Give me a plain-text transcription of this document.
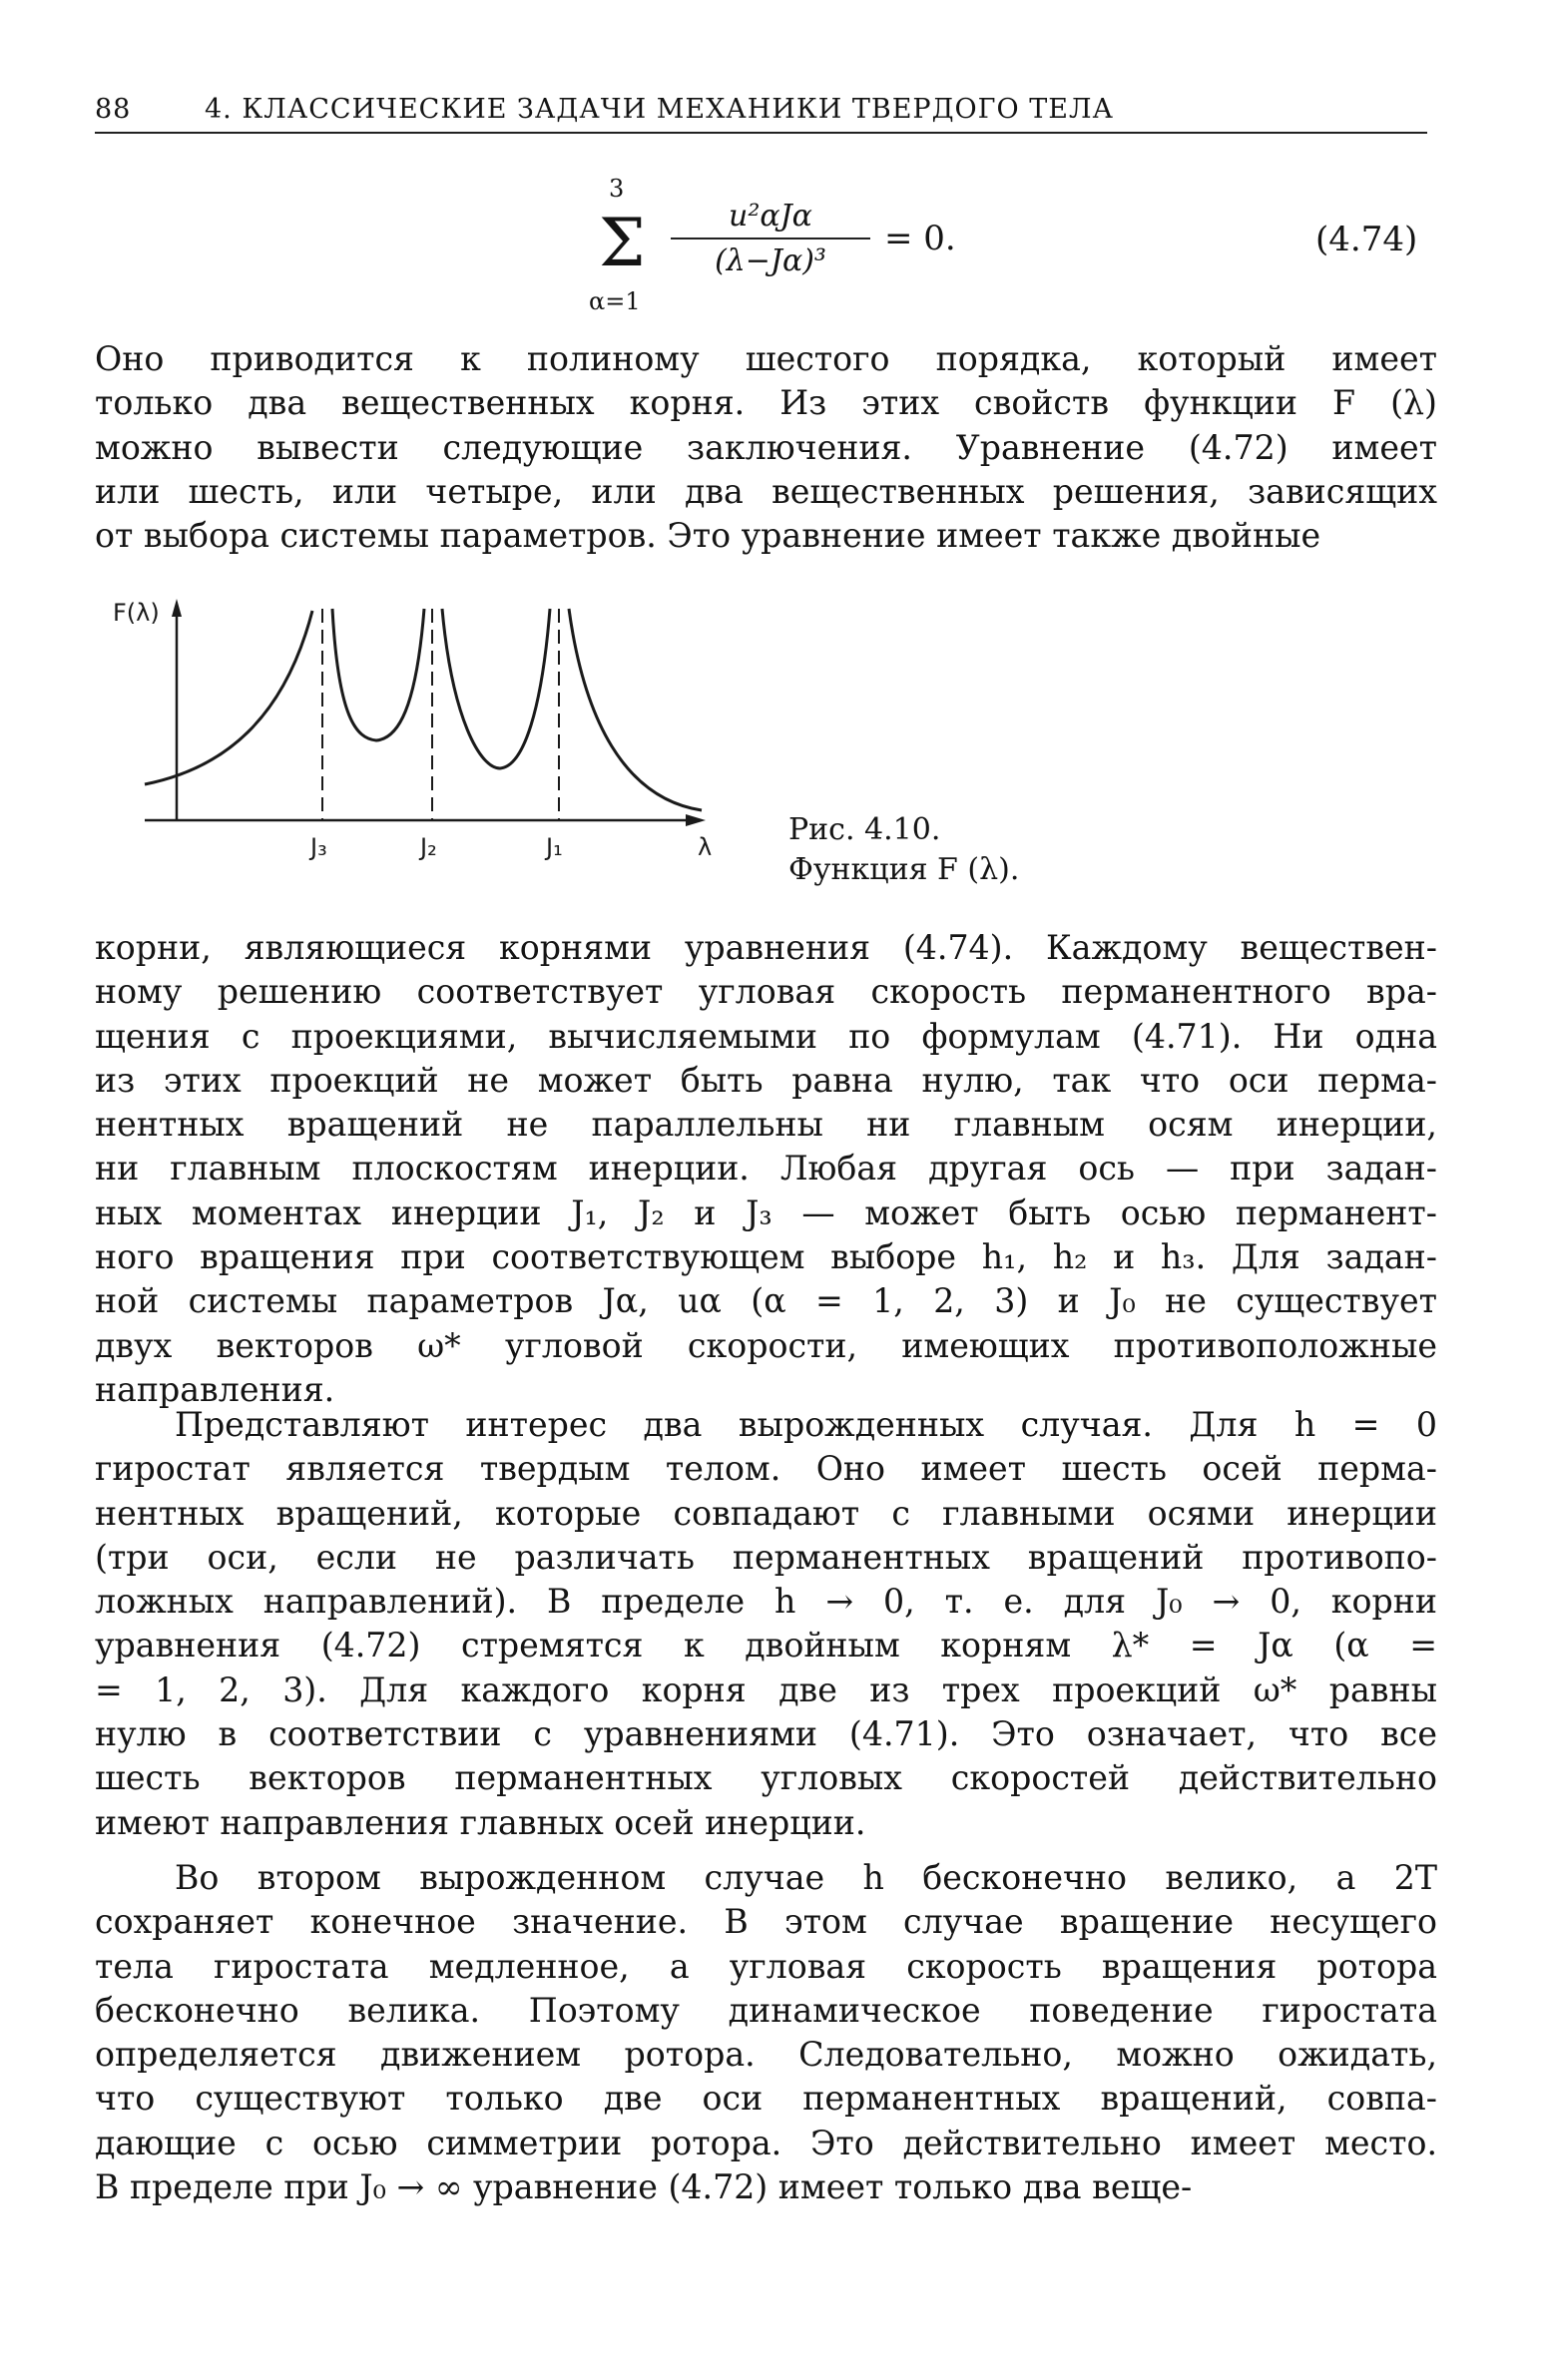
88	4. КЛАССИЧЕСКИЕ ЗАДАЧИ МЕХАНИКИ ТВЕРДОГО ТЕЛА
3
Σ
α=1
u²αJα
(λ−Jα)³
= 0.	(4.74)
Оно приводится к полиному шестого порядка, который имеет
только два вещественных корня. Из этих свойств функции F (λ)
можно вывести следующие заключения. Уравнение (4.72) имеет
или шесть, или четыре, или два вещественных решения, зависящих
от выбора системы параметров. Это уравнение имеет также двойные
F(λ)
λ
J₃	J₂	J₁	Рис. 4.10.
Функция F (λ).
корни, являющиеся корнями уравнения (4.74). Каждому веществен-
ному решению соответствует угловая скорость перманентного вра-
щения с проекциями, вычисляемыми по формулам (4.71). Ни одна
из этих проекций не может быть равна нулю, так что оси перма-
нентных вращений не параллельны ни главным осям инерции,
ни главным плоскостям инерции. Любая другая ось — при задан-
ных моментах инерции J₁, J₂ и J₃ — может быть осью перманент-
ного вращения при соответствующем выборе h₁, h₂ и h₃. Для задан-
ной системы параметров Jα, uα (α = 1, 2, 3) и J₀ не существует
двух векторов ω* угловой скорости, имеющих противоположные
направления.
Представляют интерес два вырожденных случая. Для h = 0
гиростат является твердым телом. Оно имеет шесть осей перма-
нентных вращений, которые совпадают с главными осями инерции
(три оси, если не различать перманентных вращений противопо-
ложных направлений). В пределе h → 0, т. е. для J₀ → 0, корни
уравнения (4.72) стремятся к двойным корням λ* = Jα (α =
= 1, 2, 3). Для каждого корня две из трех проекций ω* равны
нулю в соответствии с уравнениями (4.71). Это означает, что все
шесть векторов перманентных угловых скоростей действительно
имеют направления главных осей инерции.
Во втором вырожденном случае h бесконечно велико, а 2T
сохраняет конечное значение. В этом случае вращение несущего
тела гиростата медленное, а угловая скорость вращения ротора
бесконечно велика. Поэтому динамическое поведение гиростата
определяется движением ротора. Следовательно, можно ожидать,
что существуют только две оси перманентных вращений, совпа-
дающие с осью симметрии ротора. Это действительно имеет место.
В пределе при J₀ → ∞ уравнение (4.72) имеет только два веще-
